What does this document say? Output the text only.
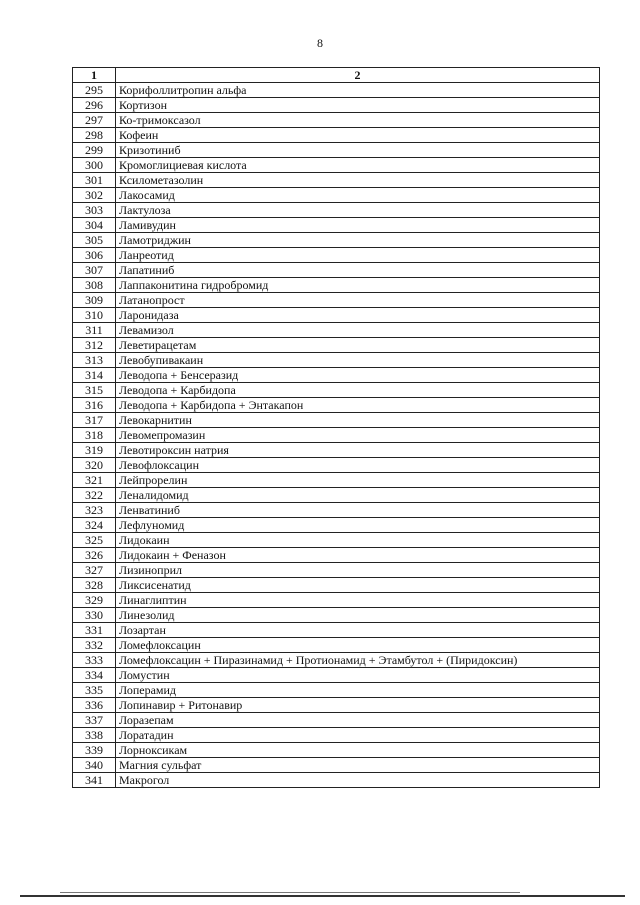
8
1	2
295	Корифоллитропин альфа
296	Кортизон
297	Ко-тримоксазол
298	Кофеин
299	Кризотиниб
300	Кромоглициевая кислота
301	Ксилометазолин
302	Лакосамид
303	Лактулоза
304	Ламивудин
305	Ламотриджин
306	Ланреотид
307	Лапатиниб
308	Лаппаконитина гидробромид
309	Латанопрост
310	Ларонидаза
311	Левамизол
312	Леветирацетам
313	Левобупивакаин
314	Леводопа + Бенсеразид
315	Леводопа + Карбидопа
316	Леводопа + Карбидопа + Энтакапон
317	Левокарнитин
318	Левомепромазин
319	Левотироксин натрия
320	Левофлоксацин
321	Лейпрорелин
322	Леналидомид
323	Ленватиниб
324	Лефлуномид
325	Лидокаин
326	Лидокаин + Феназон
327	Лизиноприл
328	Ликсисенатид
329	Линаглиптин
330	Линезолид
331	Лозартан
332	Ломефлоксацин
333	Ломефлоксацин + Пиразинамид + Протионамид + Этамбутол + (Пиридоксин)
334	Ломустин
335	Лоперамид
336	Лопинавир + Ритонавир
337	Лоразепам
338	Лоратадин
339	Лорноксикам
340	Магния сульфат
341	Макрогол
